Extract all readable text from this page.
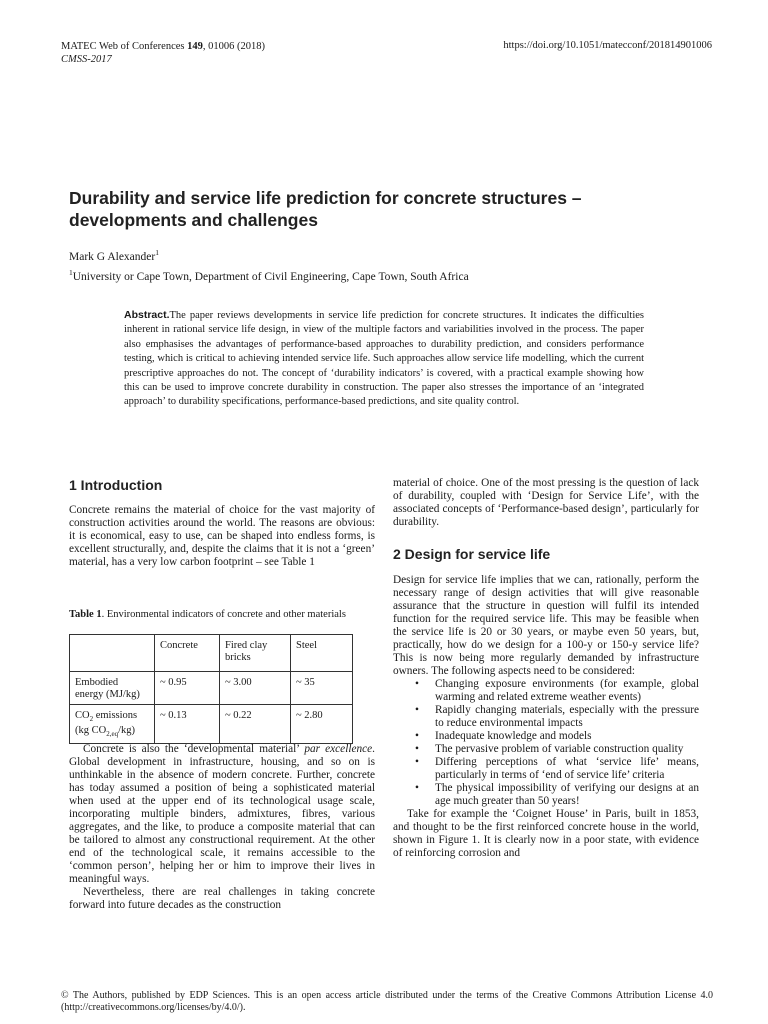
MATEC Web of Conferences 149, 01006 (2018)
CMSS-2017
https://doi.org/10.1051/matecconf/201814901006
Durability and service life prediction for concrete structures – developments and challenges
Mark G Alexander$^1$
$^1$University or Cape Town, Department of Civil Engineering, Cape Town, South Africa
Abstract.The paper reviews developments in service life prediction for concrete structures. It indicates the difficulties inherent in rational service life design, in view of the multiple factors and variabilities involved in the process. The paper also emphasises the advantages of performance-based approaches to durability prediction, and considers performance testing, which is critical to achieving intended service life. Such approaches allow service life modelling, which the current prescriptive approaches do not. The concept of ‘durability indicators’ is covered, with a practical example showing how this can be used to improve concrete durability in construction. The paper also stresses the importance of an ‘integrated approach’ to durability specifications, performance-based predictions, and site quality control.
1 Introduction

Concrete remains the material of choice for the vast majority of construction activities around the world. The reasons are obvious: it is economical, easy to use, can be shaped into endless forms, is excellent structurally, and, despite the claims that it is not a ‘green’ material, has a very low carbon footprint – see Table 1

Table 1. Environmental indicators of concrete and other materials
	Concrete	Fired clay bricks	Steel
Embodied energy (MJ/kg)	~ 0.95	~ 3.00	~ 35
$CO_2$ emissions
(kg $CO_{2,eq}/kg$)	~ 0.13	~ 0.22	~ 2.80

Concrete is also the ‘developmental material’ par excellence. Global development in infrastructure, housing, and so on is unthinkable in the absence of modern concrete. Further, concrete has today assumed a position of being a sophisticated material when used at the upper end of its technological usage scale, incorporating multiple binders, admixtures, fibres, various aggregates, and the like, to produce a composite material that can be tailored to almost any constructional requirement. At the other end of the technological scale, it remains accessible to the ‘common person’, helping her or him to improve their lives in meaningful ways.

Nevertheless, there are real challenges in taking concrete forward into future decades as the construction

material of choice. One of the most pressing is the question of lack of durability, coupled with ‘Design for Service Life’, with the associated concepts of ‘Performance-based design’, particularly for durability.

2 Design for service life

Design for service life implies that we can, rationally, perform the necessary range of design activities that will give reasonable assurance that the structure in question will fulfil its intended function for the required service life. This may be feasible when the service life is 20 or 30 years, or maybe even 50 years, but, practically, how do we design for a 100-y or 150-y service life? This is now being more regularly demanded by infrastructure owners. The following aspects need to be considered:

• Changing exposure environments (for example, global warming and related extreme weather events)
• Rapidly changing materials, especially with the pressure to reduce environmental impacts
• Inadequate knowledge and models
• The pervasive problem of variable construction quality
• Differing perceptions of what ‘service life’ means, particularly in terms of ‘end of service life’ criteria
• The physical impossibility of verifying our designs at an age much greater than 50 years!

Take for example the ‘Coignet House’ in Paris, built in 1853, and thought to be the first reinforced concrete house in the world, shown in Figure 1. It is clearly now in a poor state, with evidence of reinforcing corrosion and

© The Authors, published by EDP Sciences. This is an open access article distributed under the terms of the Creative Commons Attribution License 4.0 (http://creativecommons.org/licenses/by/4.0/).
